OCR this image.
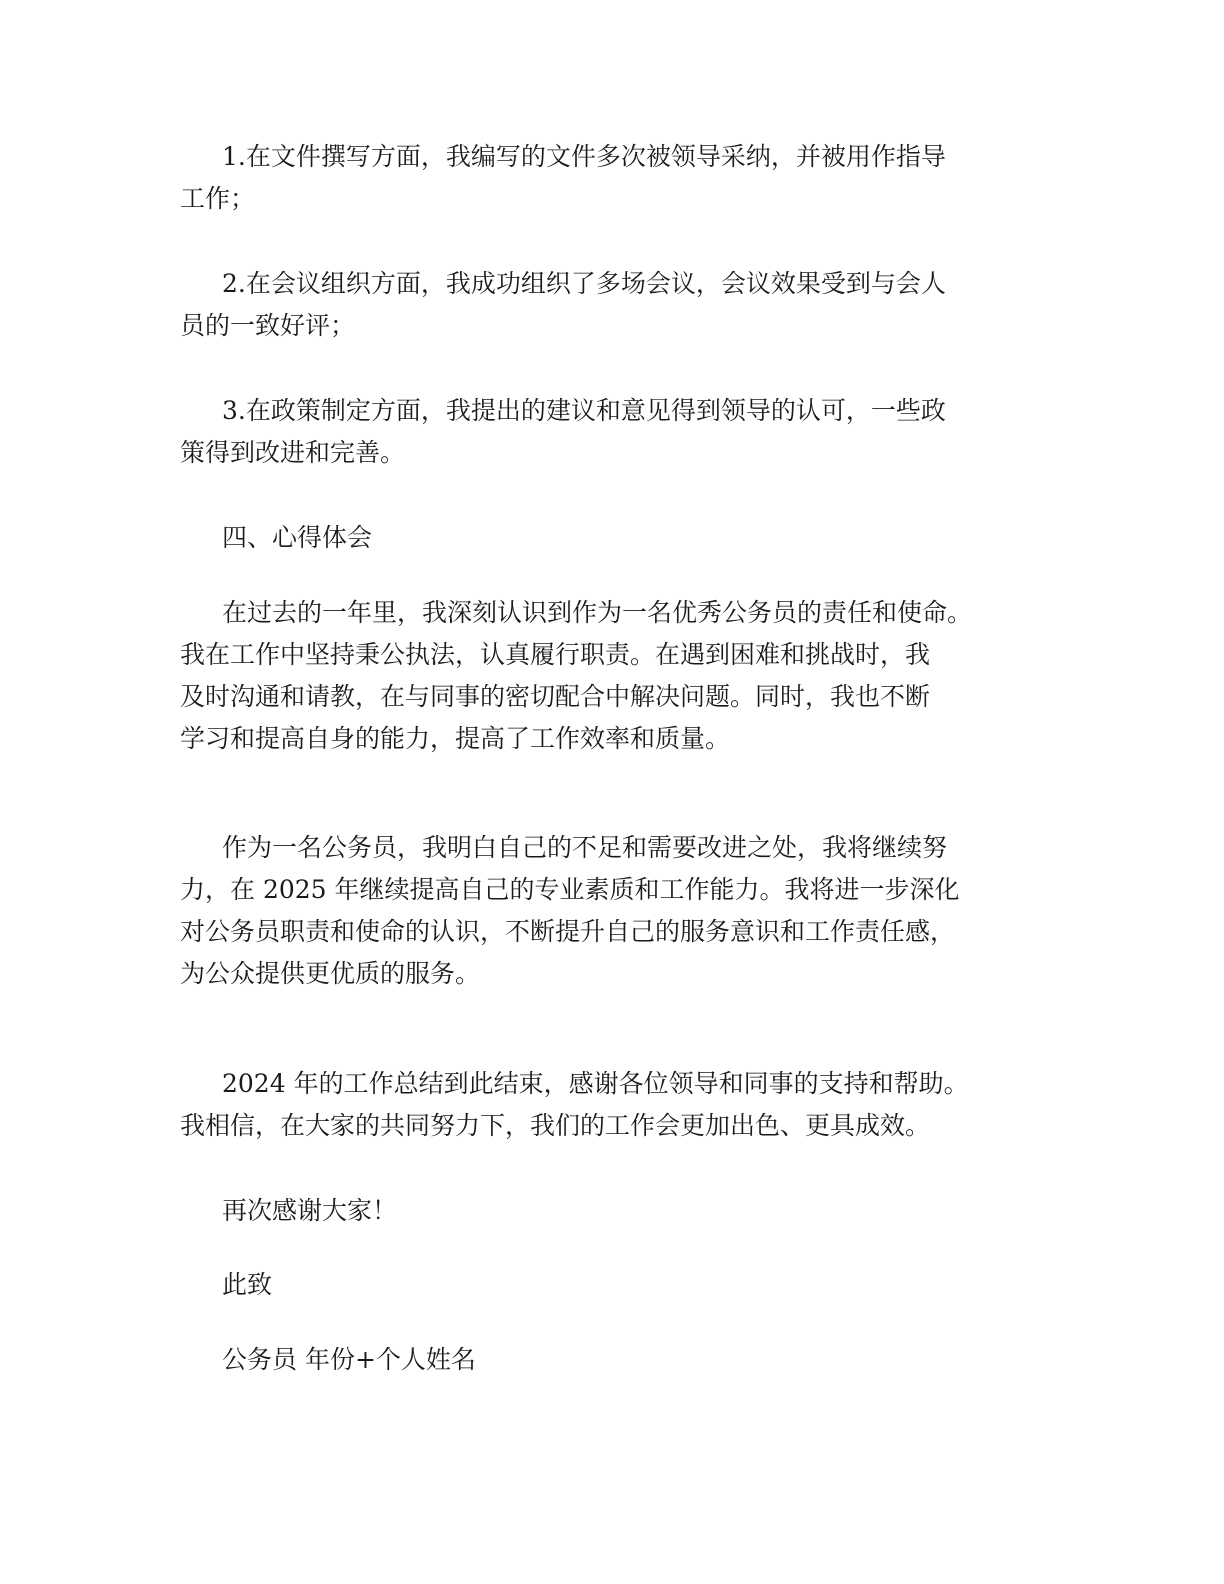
1.在文件撰写方面，我编写的文件多次被领导采纳，并被用作指导
工作；
2.在会议组织方面，我成功组织了多场会议，会议效果受到与会人
员的一致好评；
3.在政策制定方面，我提出的建议和意见得到领导的认可，一些政
策得到改进和完善。
四、心得体会
在过去的一年里，我深刻认识到作为一名优秀公务员的责任和使命。
我在工作中坚持秉公执法，认真履行职责。在遇到困难和挑战时，我
及时沟通和请教，在与同事的密切配合中解决问题。同时，我也不断
学习和提高自身的能力，提高了工作效率和质量。
作为一名公务员，我明白自己的不足和需要改进之处，我将继续努
力，在 2025 年继续提高自己的专业素质和工作能力。我将进一步深化
对公务员职责和使命的认识，不断提升自己的服务意识和工作责任感，
为公众提供更优质的服务。
2024 年的工作总结到此结束，感谢各位领导和同事的支持和帮助。
我相信，在大家的共同努力下，我们的工作会更加出色、更具成效。
再次感谢大家！
此致
公务员 年份+个人姓名
